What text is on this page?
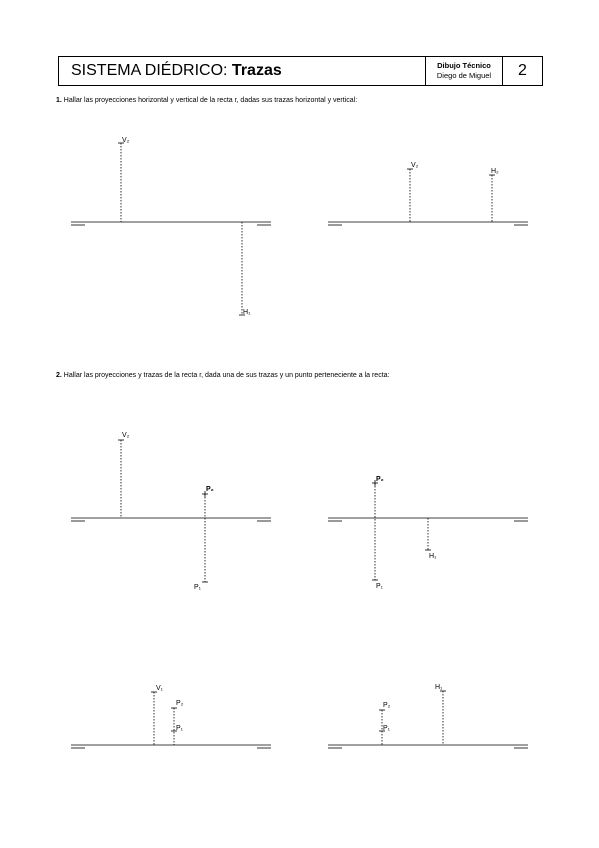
SISTEMA DIÉDRICO: Trazas	Dibujo Técnico
Diego de Miguel	2
1. Hallar las proyecciones horizontal y vertical de la recta r, dadas sus trazas horizontal y vertical:
2. Hallar las proyecciones y trazas de la recta r, dada una de sus trazas y un punto perteneciente a la recta:
V₂
H₁
V₂
H₂
V₂
P₂
P₁
P₂
H₁
P₁
V₁
P₂
P₁
P₂
P₁
H₁
